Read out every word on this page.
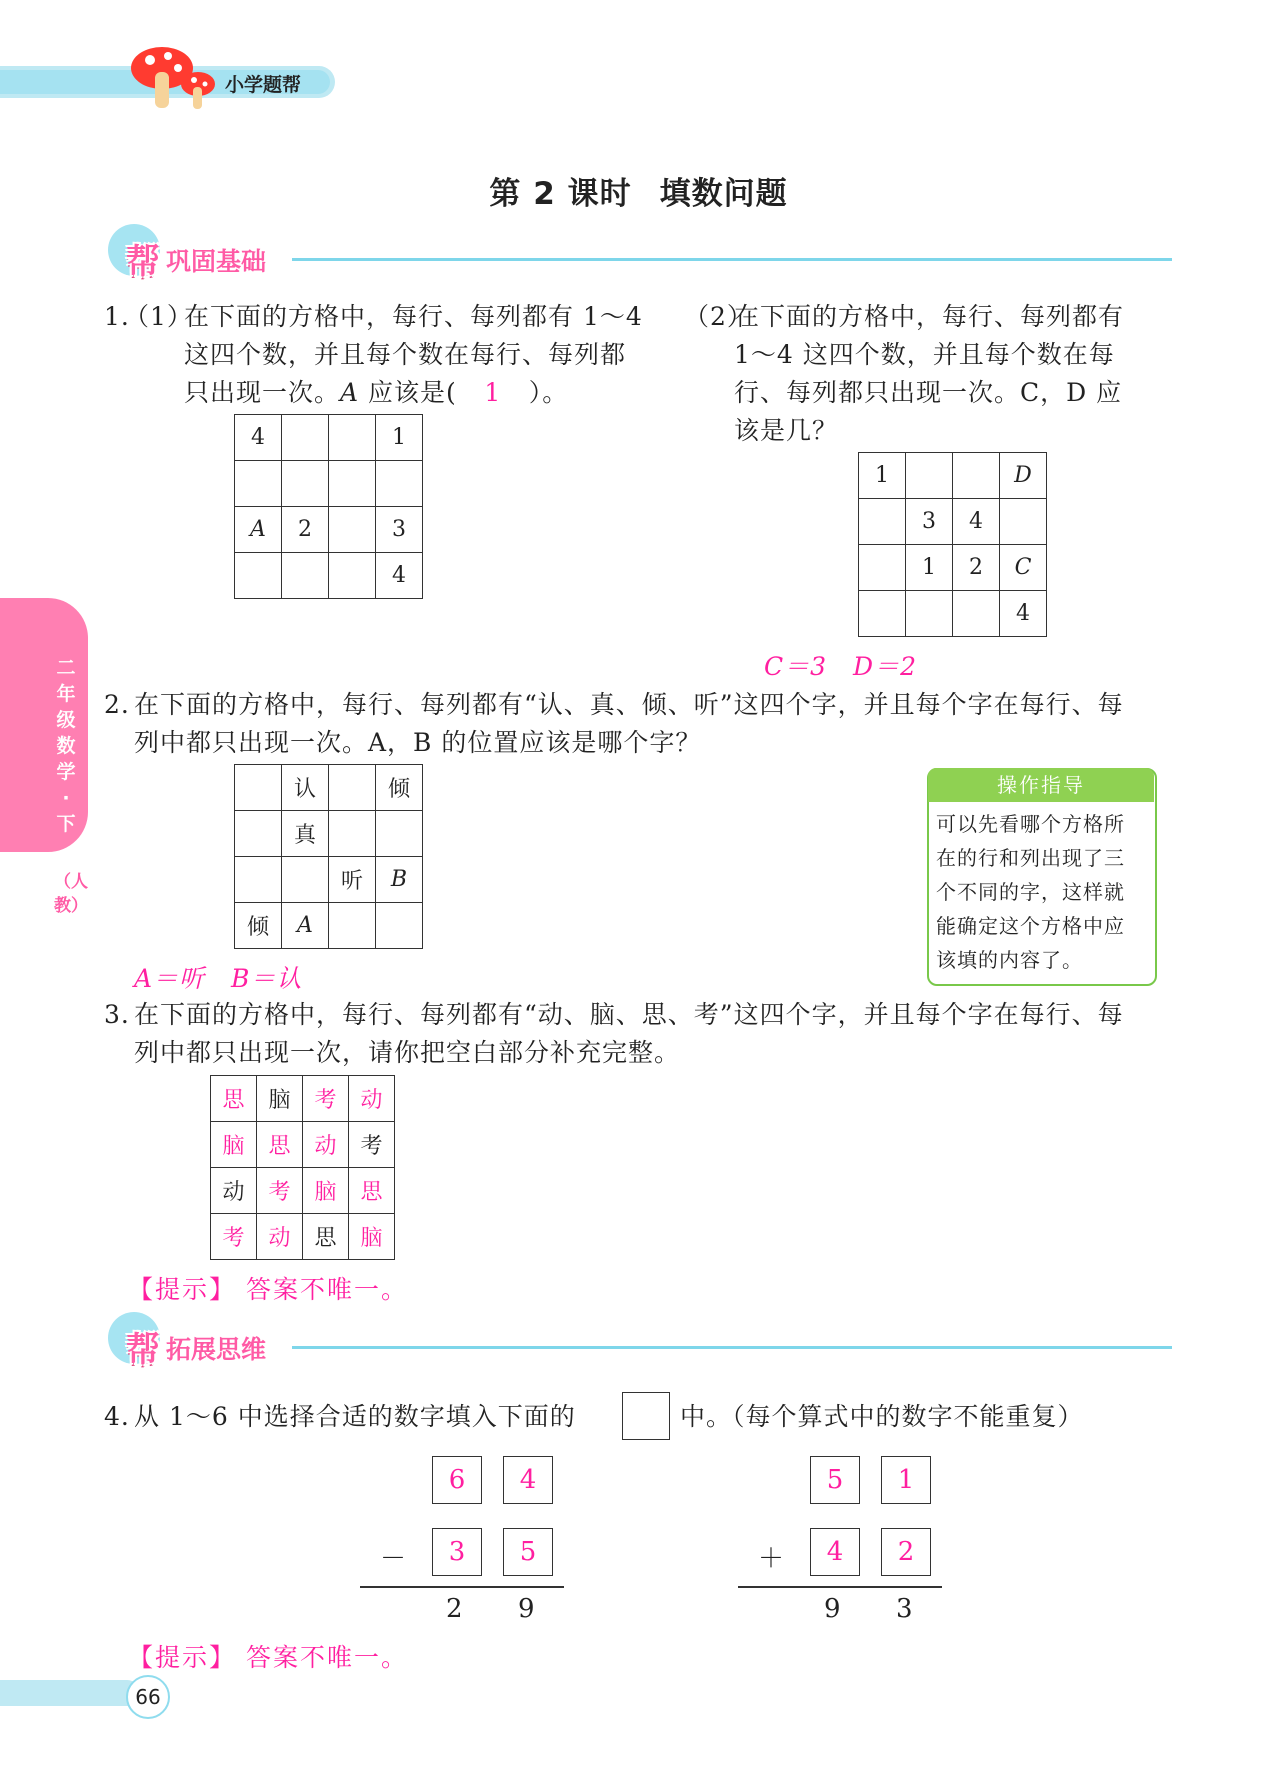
小学题帮
第 2 课时 填数问题
帮 巩固基础
二年级数学·下
（人教）
1.
（1）
在下面的方格中，每行、每列都有 1～4
这四个数，并且每个数在每行、每列都
只出现一次。A 应该是( 1 ）。
4			1

A	2		3
			4
（2）
在下面的方格中，每行、每列都有
1～4 这四个数，并且每个数在每
行、每列都只出现一次。C，D 应
该是几？
1			D
	3	4	
	1	2	C
			4
C＝3　D＝2
2. 在下面的方格中，每行、每列都有“认、真、倾、听”这四个字，并且每个字在每行、每
列中都只出现一次。A，B 的位置应该是哪个字？
	认		倾
	真		
		听	B
倾	A		
A＝听　B＝认
操作指导
可以先看哪个方格所
在的行和列出现了三
个不同的字，这样就
能确定这个方格中应
该填的内容了。
3. 在下面的方格中，每行、每列都有“动、脑、思、考”这四个字，并且每个字在每行、每
列中都只出现一次，请你把空白部分补充完整。
思	脑	考	动
脑	思	动	考
动	考	脑	思
考	动	思	脑
【提示】 答案不唯一。
帮 拓展思维
4. 从 1～6 中选择合适的数字填入下面的	中。（每个算式中的数字不能重复）
6	4
－	3	5
2 9
5	1
＋	4	2
9 3
【提示】 答案不唯一。
66
